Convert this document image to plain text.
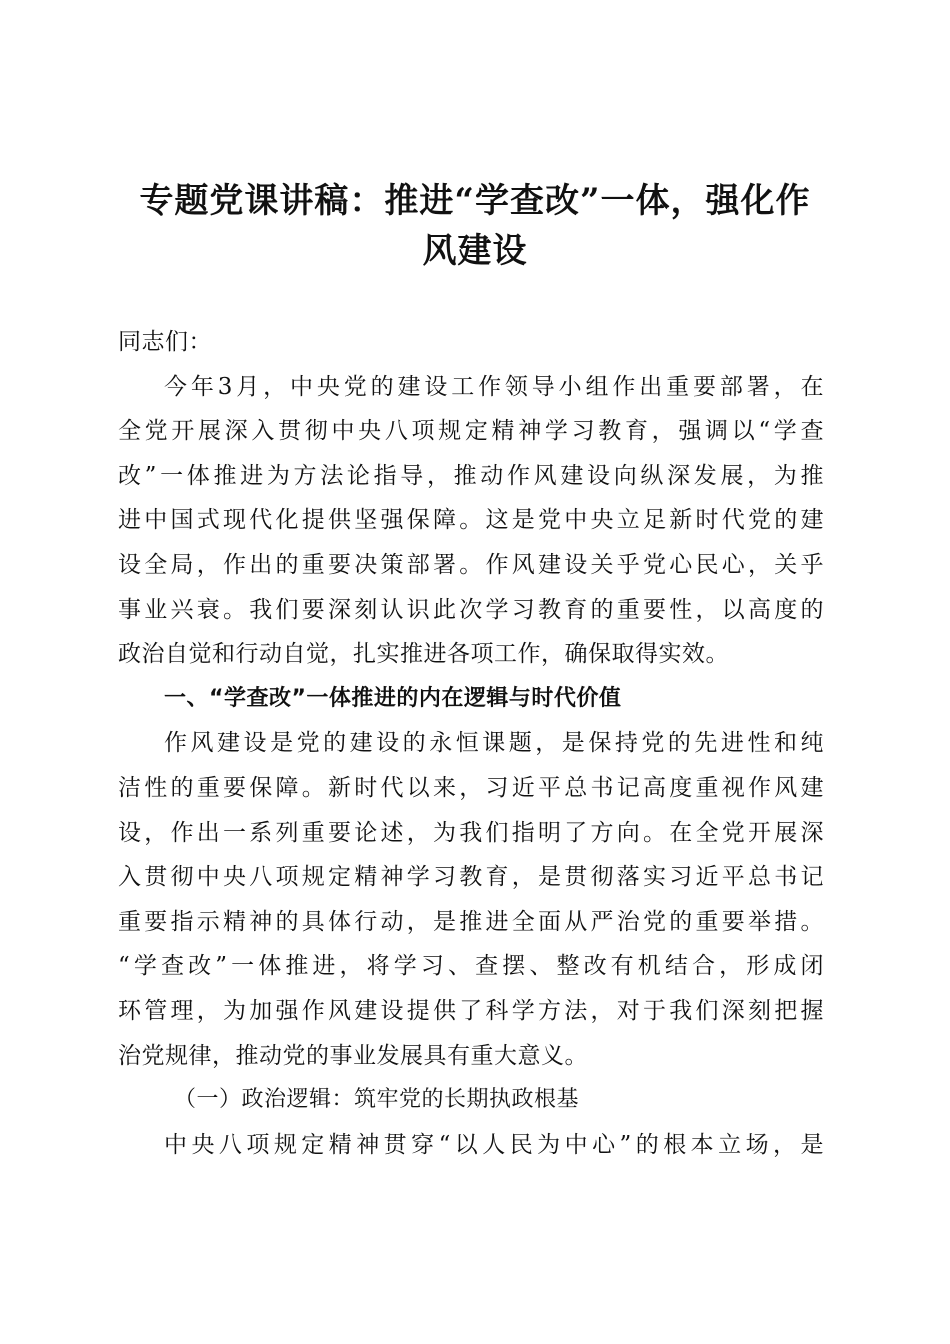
专题党课讲稿：推进“学查改”一体，强化作
风建设
同志们：
今年3月，中央党的建设工作领导小组作出重要部署，在
全党开展深入贯彻中央八项规定精神学习教育，强调以“学查
改”一体推进为方法论指导，推动作风建设向纵深发展，为推
进中国式现代化提供坚强保障。这是党中央立足新时代党的建
设全局，作出的重要决策部署。作风建设关乎党心民心，关乎
事业兴衰。我们要深刻认识此次学习教育的重要性，以高度的
政治自觉和行动自觉，扎实推进各项工作，确保取得实效。
一、“学查改”一体推进的内在逻辑与时代价值
作风建设是党的建设的永恒课题，是保持党的先进性和纯
洁性的重要保障。新时代以来，习近平总书记高度重视作风建
设，作出一系列重要论述，为我们指明了方向。在全党开展深
入贯彻中央八项规定精神学习教育，是贯彻落实习近平总书记
重要指示精神的具体行动，是推进全面从严治党的重要举措。
“学查改”一体推进，将学习、查摆、整改有机结合，形成闭
环管理，为加强作风建设提供了科学方法，对于我们深刻把握
治党规律，推动党的事业发展具有重大意义。
（一）政治逻辑：筑牢党的长期执政根基
中央八项规定精神贯穿“以人民为中心”的根本立场，是
